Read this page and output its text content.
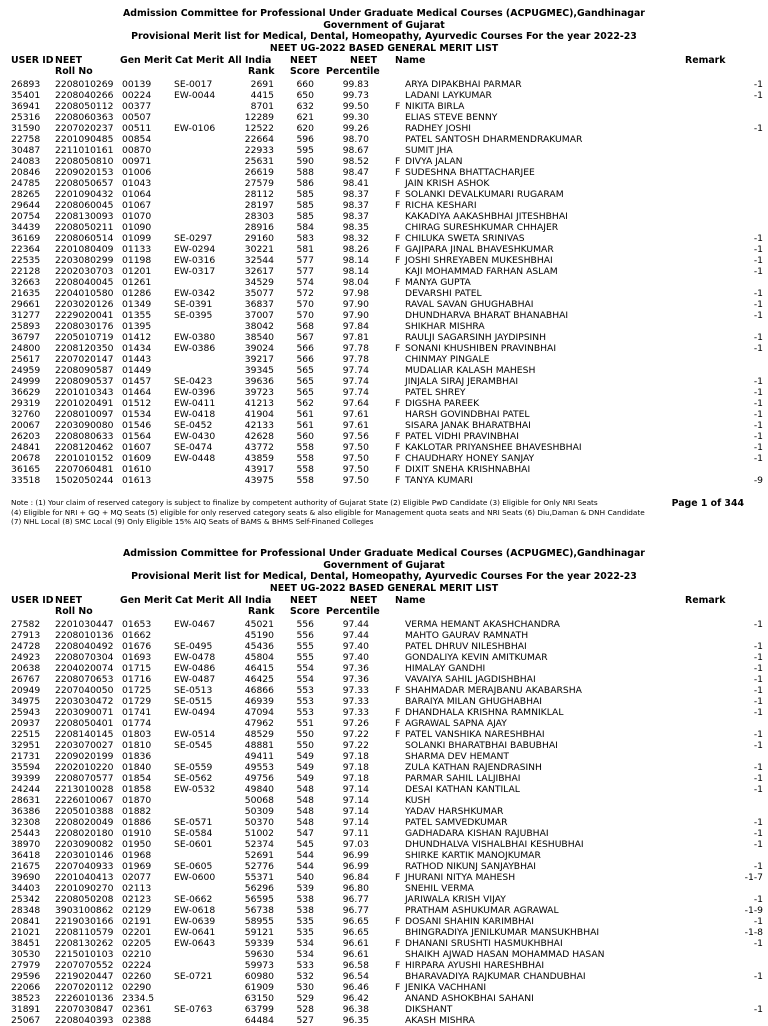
Admission Committee for Professional Under Graduate Medical Courses (ACPUGMEC),Gandhinagar
Government of Gujarat
Provisional Merit list for Medical, Dental, Homeopathy, Ayurvedic Courses For the year 2022-23
NEET UG-2022 BASED GENERAL MERIT LIST
USER ID NEET
Roll No
Gen Merit Cat Merit All India
Rank
NEET
Score
NEET
Percentile
Name	Remark
26893 2208010269 00139 SE-0017	2691	660	99.83	ARYA DIPAKBHAI PARMAR	-1
35401 2208040266 00224 EW-0044	4415	650	99.73	LADANI LAYKUMAR	-1
36941 2208050112 00377	8701	632	99.50	F NIKITA BIRLA
25316 2208060363 00507	12289	621	99.30	ELIAS STEVE BENNY
31590 2207020237 00511 EW-0106	12522	620	99.26	RADHEY JOSHI	-1
22758 2201090485 00854	22664	596	98.70	PATEL SANTOSH DHARMENDRAKUMAR
30487 2211010161 00870	22933	595	98.67	SUMIT JHA
24083 2208050810 00971	25631	590	98.52	F DIVYA JALAN
20846 2209020153 01006	26619	588	98.47	F SUDESHNA BHATTACHARJEE
24785 2208050657 01043	27579	586	98.41	JAIN KRISH ASHOK
28265 2201090432 01064	28112	585	98.37	F SOLANKI DEVALKUMARI RUGARAM
29644 2208060045 01067	28197	585	98.37	F RICHA KESHARI
20754 2208130093 01070	28303	585	98.37	KAKADIYA AAKASHBHAI JITESHBHAI
34439 2208050211 01090	28916	584	98.35	CHIRAG SURESHKUMAR CHHAJER
36169 2208060514 01099 SE-0297	29160	583	98.32	F CHILUKA SWETA SRINIVAS	-1
22364 2201080409 01133 EW-0294	30221	581	98.26	F GAJIPARA JINAL BHAVESHKUMAR	-1
22535 2203080299 01198 EW-0316	32544	577	98.14	F JOSHI SHREYABEN MUKESHBHAI	-1
22128 2202030703 01201 EW-0317	32617	577	98.14	KAJI MOHAMMAD FARHAN ASLAM	-1
32663 2208040045 01261	34529	574	98.04	F MANYA GUPTA
21635 2204010580 01286 EW-0342	35077	572	97.98	DEVARSHI PATEL	-1
29661 2203020126 01349 SE-0391	36837	570	97.90	RAVAL SAVAN GHUGHABHAI	-1
31277 2229020041 01355 SE-0395	37007	570	97.90	DHUNDHARVA BHARAT BHANABHAI	-1
25893 2208030176 01395	38042	568	97.84	SHIKHAR MISHRA
36797 2205010719 01412 EW-0380	38540	567	97.81	RAULJI SAGARSINH JAYDIPSINH	-1
24800 2208120350 01434 EW-0386	39024	566	97.78	F SONANI KHUSHIBEN PRAVINBHAI	-1
25617 2207020147 01443	39217	566	97.78	CHINMAY PINGALE
24959 2208090587 01449	39345	565	97.74	MUDALIAR KALASH MAHESH
24999 2208090537 01457 SE-0423	39636	565	97.74	JINJALA SIRAJ JERAMBHAI	-1
36629 2201010343 01464 EW-0396	39723	565	97.74	PATEL SHREY	-1
29319 2201020491 01512 EW-0411	41213	562	97.64	F DIGSHA PAREEK	-1
32760 2208010097 01534 EW-0418	41904	561	97.61	HARSH GOVINDBHAI PATEL	-1
20067 2203090080 01546 SE-0452	42133	561	97.61	SISARA JANAK BHARATBHAI	-1
26203 2208080633 01564 EW-0430	42628	560	97.56	F PATEL VIDHI PRAVINBHAI	-1
24841 2208120462 01607 SE-0474	43772	558	97.50	F KAKLOTAR PRIYANSHEE BHAVESHBHAI	-1
20678 2201010152 01609 EW-0448	43859	558	97.50	F CHAUDHARY HONEY SANJAY	-1
36165 2207060481 01610	43917	558	97.50	F DIXIT SNEHA KRISHNABHAI
33518 1502050244 01613	43975	558	97.50	F TANYA KUMARI	-9
Note : (1) Your claim of reserved category is subject to finalize by competent authority of Gujarat State (2) Eligible PwD Candidate (3) Eligible for Only NRI Seats
(4) Eligible for NRI + GQ + MQ Seats (5) eligible for only reserved category seats & also eligible for Management quota seats and NRI Seats (6) Diu,Daman & DNH Candidate
(7) NHL Local (8) SMC Local (9) Only Eligible 15% AIQ Seats of BAMS & BHMS Self-Finaned Colleges
Page 1 of 344
Admission Committee for Professional Under Graduate Medical Courses (ACPUGMEC),Gandhinagar
Government of Gujarat
Provisional Merit list for Medical, Dental, Homeopathy, Ayurvedic Courses For the year 2022-23
NEET UG-2022 BASED GENERAL MERIT LIST
USER ID NEET
Roll No
Gen Merit Cat Merit All India
Rank
NEET
Score
NEET
Percentile
Name	Remark
27582 2201030447 01653 EW-0467	45021	556	97.44	VERMA HEMANT AKASHCHANDRA	-1
27913 2208010136 01662	45190	556	97.44	MAHTO GAURAV RAMNATH
24728 2208040492 01676 SE-0495	45436	555	97.40	PATEL DHRUV NILESHBHAI	-1
24923 2208070304 01693 EW-0478	45804	555	97.40	GONDALIYA KEVIN AMITKUMAR	-1
20638 2204020074 01715 EW-0486	46415	554	97.36	HIMALAY GANDHI	-1
26767 2208070653 01716 EW-0487	46425	554	97.36	VAVAIYA SAHIL JAGDISHBHAI	-1
20949 2207040050 01725 SE-0513	46866	553	97.33	F SHAHMADAR MERAJBANU AKABARSHA	-1
34975 2203030472 01729 SE-0515	46939	553	97.33	BARAIYA MILAN GHUGHABHAI	-1
25943 2203090071 01741 EW-0494	47094	553	97.33	F DHANDHALA KRISHNA RAMNIKLAL	-1
20937 2208050401 01774	47962	551	97.26	F AGRAWAL SAPNA AJAY
22515 2208140145 01803 EW-0514	48529	550	97.22	F PATEL VANSHIKA NARESHBHAI	-1
32951 2203070027 01810 SE-0545	48881	550	97.22	SOLANKI BHARATBHAI BABUBHAI	-1
21731 2209020199 01836	49411	549	97.18	SHARMA DEV HEMANT
35594 2202010220 01840 SE-0559	49553	549	97.18	ZULA KATHAN RAJENDRASINH	-1
39399 2208070577 01854 SE-0562	49756	549	97.18	PARMAR SAHIL LALJIBHAI	-1
24244 2213010028 01858 EW-0532	49840	548	97.14	DESAI KATHAN KANTILAL	-1
28631 2226010067 01870	50068	548	97.14	KUSH
36386 2205010388 01882	50309	548	97.14	YADAV HARSHKUMAR
32308 2208020049 01886 SE-0571	50370	548	97.14	PATEL SAMVEDKUMAR	-1
25443 2208020180 01910 SE-0584	51002	547	97.11	GADHADARA KISHAN RAJUBHAI	-1
38970 2203090082 01950 SE-0601	52374	545	97.03	DHUNDHALVA VISHALBHAI KESHUBHAI	-1
36418 2203010146 01968	52691	544	96.99	SHIRKE KARTIK MANOJKUMAR
21675 2207040933 01969 SE-0605	52776	544	96.99	RATHOD NIKUNJ SANJAYBHAI	-1
39690 2201040413 02077 EW-0600	55371	540	96.84	F JHURANI NITYA MAHESH	-1-7
34403 2201090270 02113	56296	539	96.80	SNEHIL VERMA
25342 2208050208 02123 SE-0662	56595	538	96.77	JARIWALA KRISH VIJAY	-1
28348 3903100862 02129 EW-0618	56738	538	96.77	PRATHAM ASHUKUMAR AGRAWAL	-1-9
20841 2219030166 02191 EW-0639	58955	535	96.65	F DOSANI SHAHIN KARIMBHAI	-1
21021 2208110579 02201 EW-0641	59121	535	96.65	BHINGRADIYA JENILKUMAR MANSUKHBHAI	-1-8
38451 2208130262 02205 EW-0643	59339	534	96.61	F DHANANI SRUSHTI HASMUKHBHAI	-1
30530 2215010103 02210	59630	534	96.61	SHAIKH AJWAD HASAN MOHAMMAD HASAN
27979 2207070552 02224	59973	533	96.58	F HIRPARA AYUSHI HARESHBHAI
29596 2219020447 02260 SE-0721	60980	532	96.54	BHARAVADIYA RAJKUMAR CHANDUBHAI	-1
22066 2207020112 02290	61909	530	96.46	F JENIKA VACHHANI
38523 2226010136 2334.5	63150	529	96.42	ANAND ASHOKBHAI SAHANI
31891 2207030847 02361 SE-0763	63799	528	96.38	DIKSHANT	-1
25067 2208040393 02388	64484	527	96.35	AKASH MISHRA
